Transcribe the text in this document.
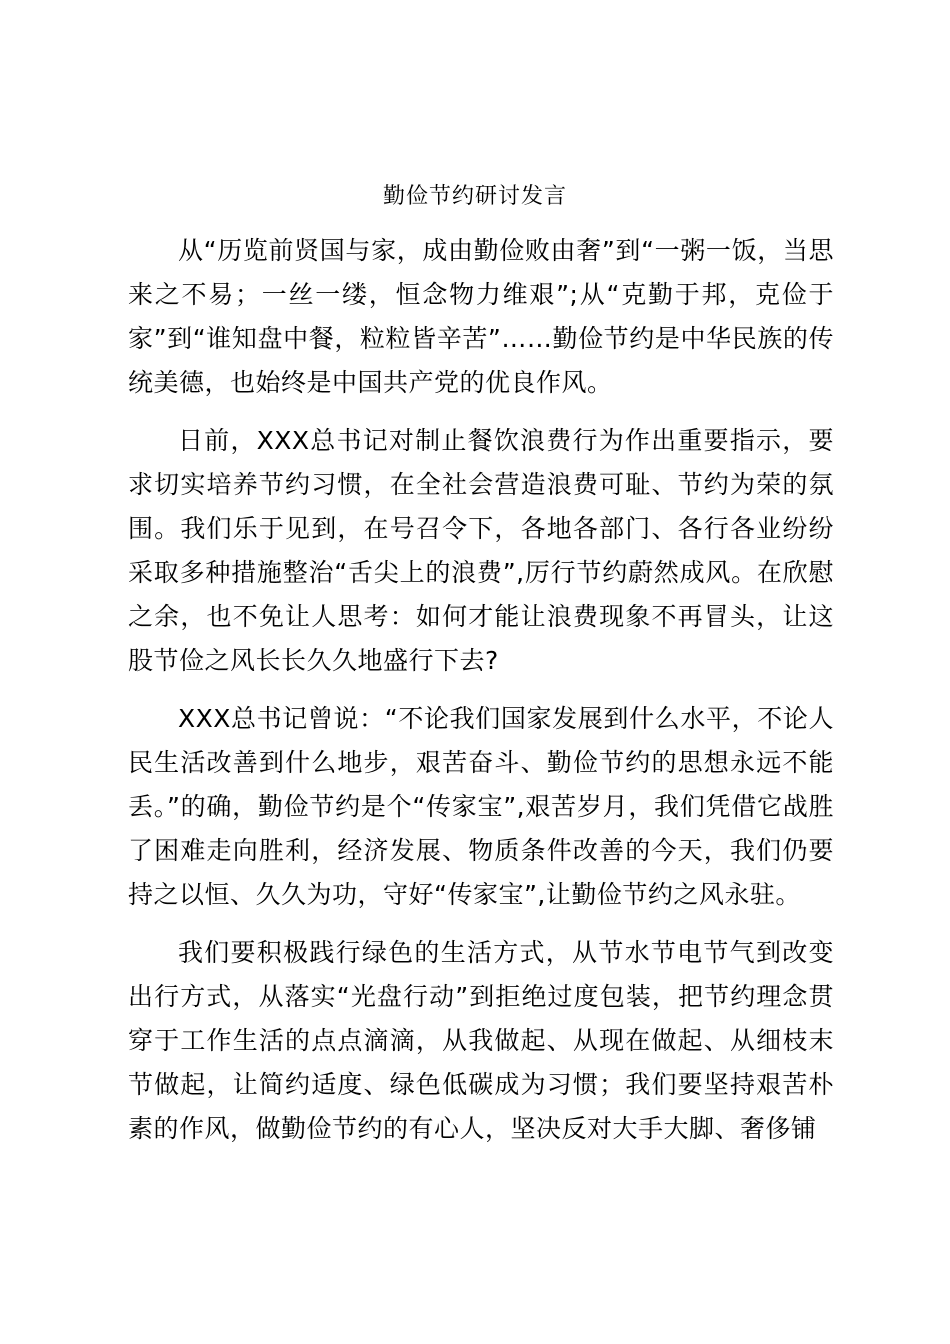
勤俭节约研讨发言

从“历览前贤国与家，成由勤俭败由奢”到“一粥一饭，当思来之不易；一丝一缕，恒念物力维艰”;从“克勤于邦，克俭于家”到“谁知盘中餐，粒粒皆辛苦”……勤俭节约是中华民族的传统美德，也始终是中国共产党的优良作风。

日前，XXX总书记对制止餐饮浪费行为作出重要指示，要求切实培养节约习惯，在全社会营造浪费可耻、节约为荣的氛围。我们乐于见到，在号召令下，各地各部门、各行各业纷纷采取多种措施整治“舌尖上的浪费”,厉行节约蔚然成风。在欣慰之余，也不免让人思考：如何才能让浪费现象不再冒头，让这股节俭之风长长久久地盛行下去?

XXX总书记曾说：“不论我们国家发展到什么水平，不论人民生活改善到什么地步，艰苦奋斗、勤俭节约的思想永远不能丢。”的确，勤俭节约是个“传家宝”,艰苦岁月，我们凭借它战胜了困难走向胜利，经济发展、物质条件改善的今天，我们仍要持之以恒、久久为功，守好“传家宝”,让勤俭节约之风永驻。

我们要积极践行绿色的生活方式，从节水节电节气到改变出行方式，从落实“光盘行动”到拒绝过度包装，把节约理念贯穿于工作生活的点点滴滴，从我做起、从现在做起、从细枝末节做起，让简约适度、绿色低碳成为习惯；我们要坚持艰苦朴素的作风，做勤俭节约的有心人，坚决反对大手大脚、奢侈铺
